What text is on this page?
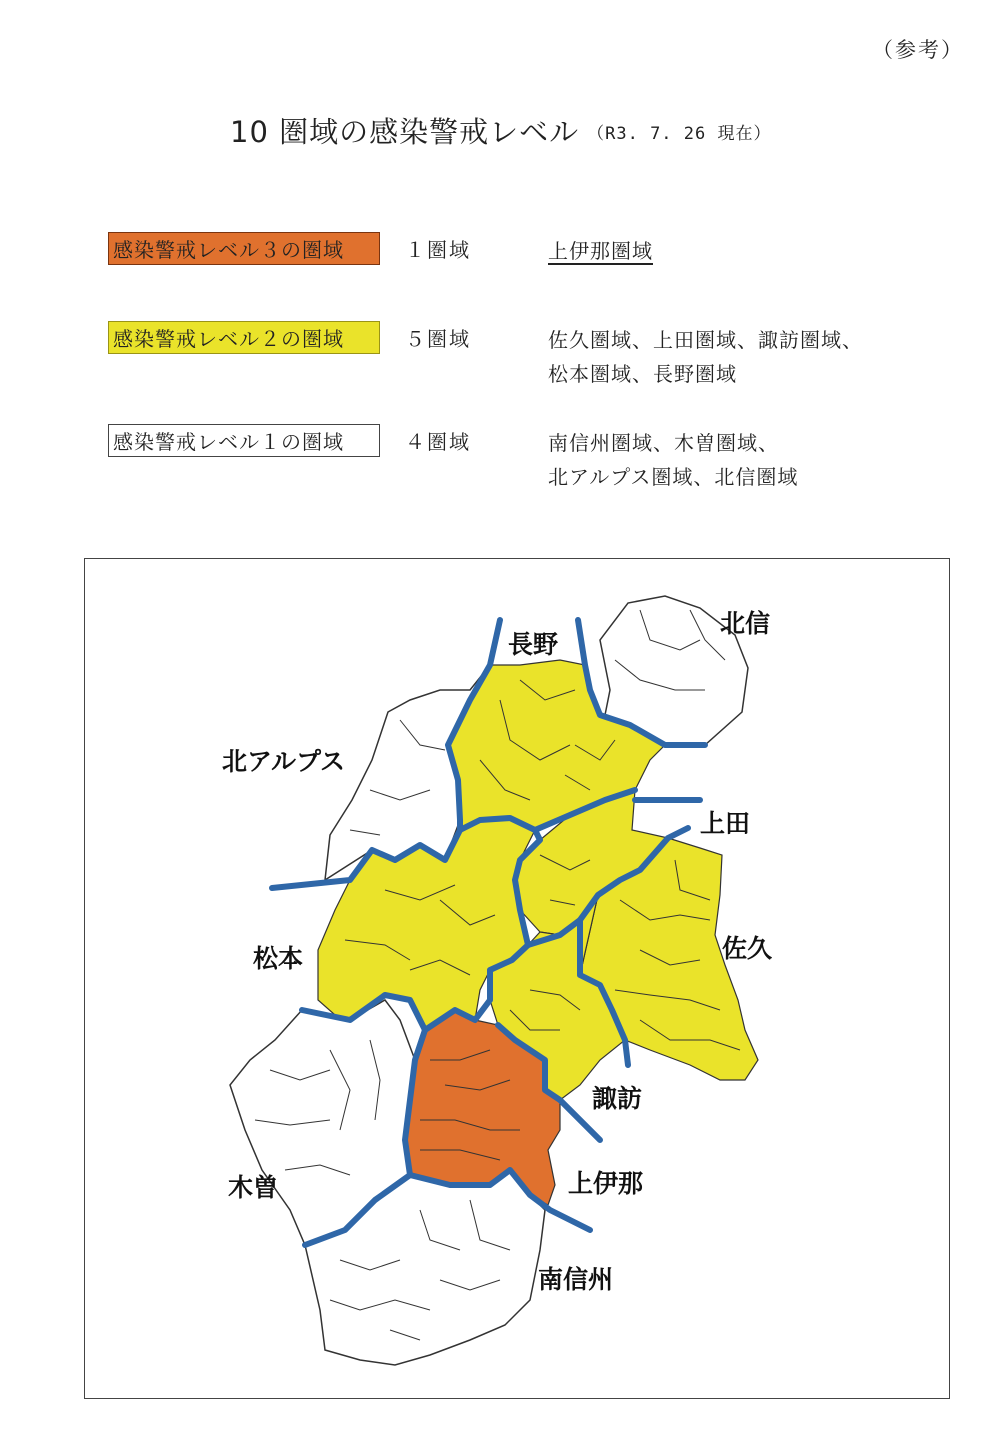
（参考）
10 圏域の感染警戒レベル （R3. 7. 26 現在）
感染警戒レベル３の圏域	１圏域	上伊那圏域
感染警戒レベル２の圏域	５圏域	佐久圏域、上田圏域、諏訪圏域、
松本圏域、長野圏域
感染警戒レベル１の圏域	４圏域	南信州圏域、木曽圏域、
北アルプス圏域、北信圏域
長野
北信
北アルプス
上田
松本	佐久
諏訪
木曽	上伊那
南信州
